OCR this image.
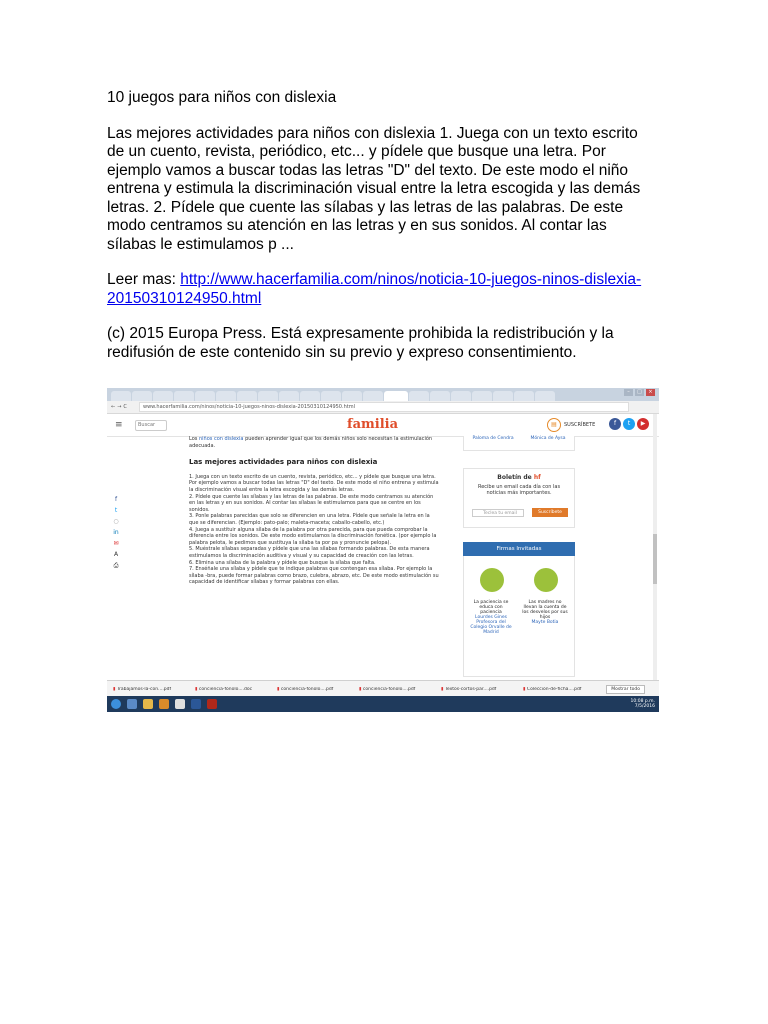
10 juegos para niños con dislexia

Las mejores actividades para niños con dislexia 1. Juega con un texto escrito de un cuento, revista, periódico, etc... y pídele que busque una letra. Por ejemplo vamos a buscar todas las letras "D" del texto. De este modo el niño entrena y estimula la discriminación visual entre la letra escogida y las demás letras. 2. Pídele que cuente las sílabas y las letras de las palabras. De este modo centramos su atención en las letras y en sus sonidos. Al contar las sílabas le estimulamos p ...

Leer mas: http://www.hacerfamilia.com/ninos/noticia-10-juegos-ninos-dislexia-20150310124950.html

(c) 2015 Europa Press. Está expresamente prohibida la redistribución y la redifusión de este contenido sin su previo y expreso consentimiento.

–	□	×
←→C	www.hacerfamilia.com/ninos/noticia-10-juegos-ninos-dislexia-20150310124950.html
≡	Buscar	familia	▤	SUSCRÍBETE	f	t	▶
f
t
○
in
✉
A
⎙

Los niños con dislexia pueden aprender igual que los demás niños solo necesitan la estimulación adecuada.

Las mejores actividades para niños con dislexia

1. Juega con un texto escrito de un cuento, revista, periódico, etc... y pídele que busque una letra. Por ejemplo vamos a buscar todas las letras "D" del texto. De este modo el niño entrena y estimula la discriminación visual entre la letra escogida y las demás letras.

2. Pídele que cuente las sílabas y las letras de las palabras. De este modo centramos su atención en las letras y en sus sonidos. Al contar las sílabas le estimulamos para que se centre en los sonidos.

3. Ponle palabras parecidas que solo se diferencien en una letra. Pídele que señale la letra en la que se diferencian. (Ejemplo: pato-palo; maleta-maceta; caballo-cabello, etc.)

4. Juega a sustituir alguna sílaba de la palabra por otra parecida, para que pueda comprobar la diferencia entre los sonidos. De este modo estimulamos la discriminación fonética. (por ejemplo la palabra pelota, le pedimos que sustituya la sílaba ta por pa y pronuncie pelopa).

5. Muéstrale sílabas separadas y pídele que una las sílabas formando palabras. De esta manera estimulamos la discriminación auditiva y visual y su capacidad de creación con las letras.

6. Elimina una sílaba de la palabra y pídele que busque la sílaba que falta.

7. Enséñale una sílaba y pídele que te indique palabras que contengan esa sílaba. Por ejemplo la sílaba -bra, puede formar palabras como brazo, culebra, abrazo, etc. De este modo estimulación su capacidad de identificar sílabas y formar palabras con ellas.

Paloma de Cendra	Mónica de Aysa
Boletín de hf
Recibe un email cada día con las noticias más importantes.
Teclea tu email	Suscríbete
Firmas Invitadas
La paciencia se educa con paciencia
Lourdes Gines Profesora del Colegio Orvalle de Madrid
Las madres no llevan la cuenta de los desvelos por sus hijos
Mayte Botia
▮ Trabajamos-la-con....pdf	▮ conciencia-fonolo....doc	▮ conciencia-fonolo....pdf	▮ conciencia-fonolo....pdf	▮ Textos-cortos-par....pdf	▮ Coleccion-de-ficha....pdf	Mostrar todo
10:08 p.m.
7/5/2016
